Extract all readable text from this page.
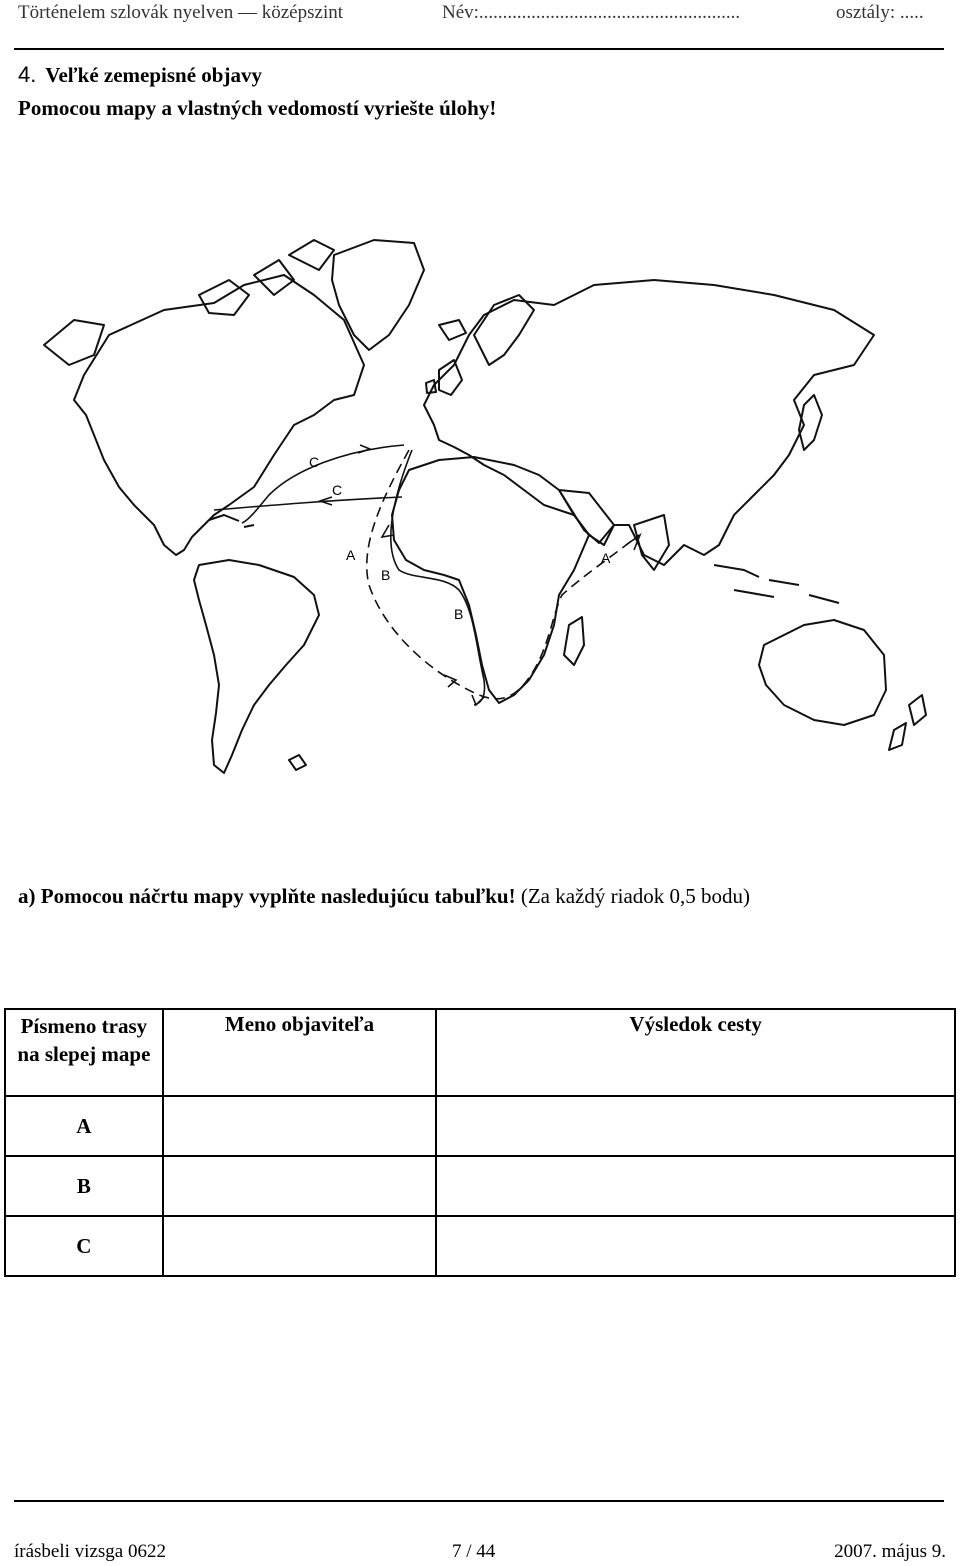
Történelem szlovák nyelven — középszint	Név:.......................................................	osztály: .....
4. Veľké zemepisné objavy
Pomocou mapy a vlastných vedomostí vyriešte úlohy!
C
C
A	A
B
B
a) Pomocou náčrtu mapy vyplňte nasledujúcu tabuľku! (Za každý riadok 0,5 bodu)
Písmeno trasy na slepej mape	Meno objaviteľa	Výsledok cesty
A		
B		
C		
írásbeli vizsga 0622	7 / 44	2007. május 9.
